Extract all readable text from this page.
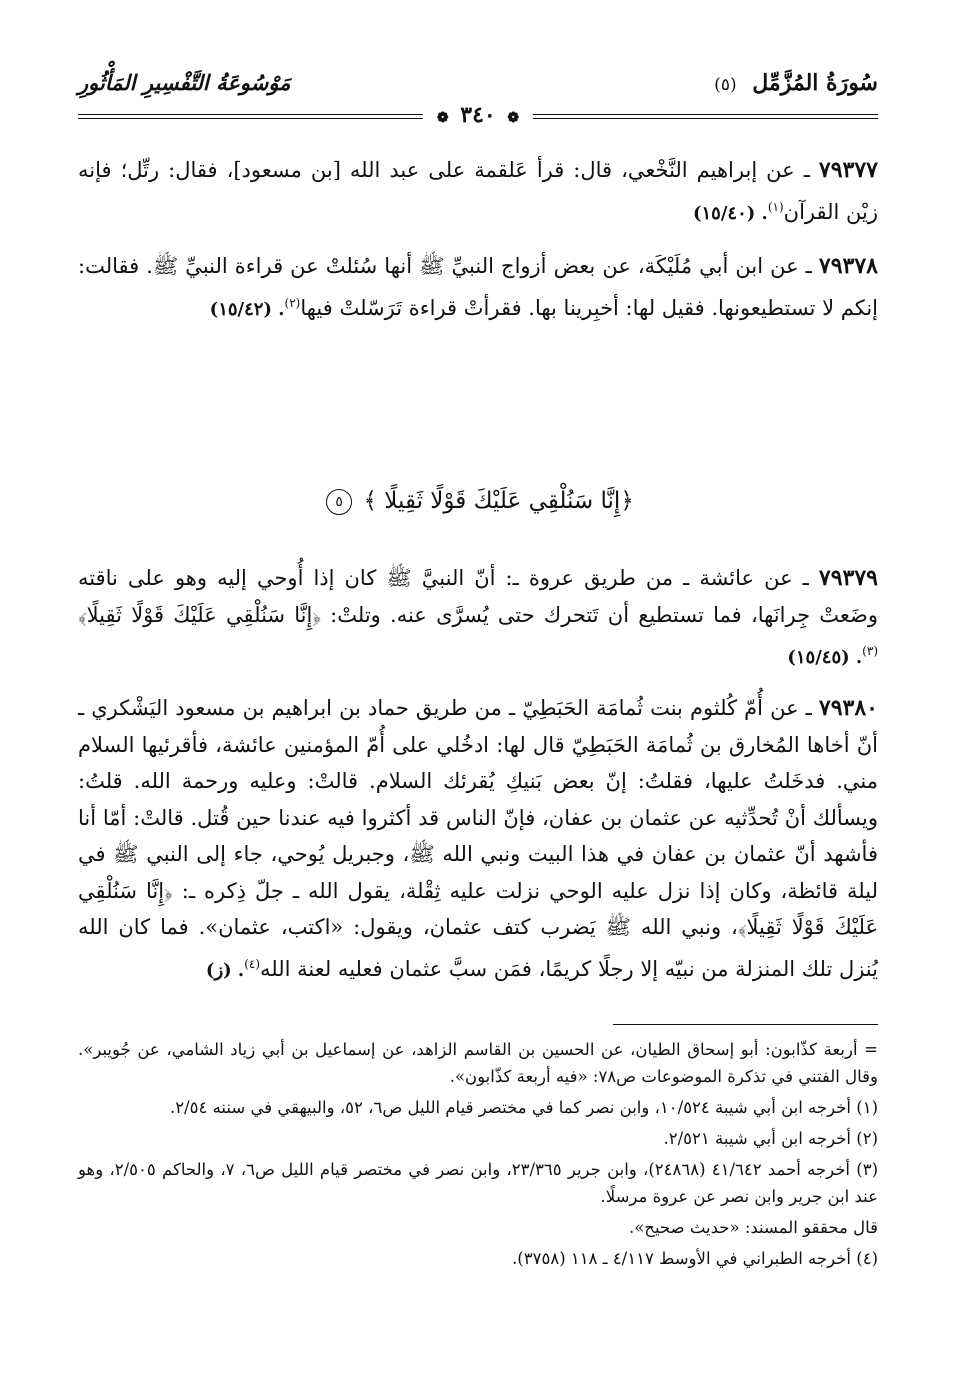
سُورَةُ المُزَّمِّل (٥)
مَوْسُوعَةُ التَّفْسِيرِ المَأْثُورِ
❁ ٣٤٠ ❁

٧٩٣٧٧ ـ عن إبراهيم النَّخْعي، قال: قرأ عَلقمة على عبد الله [بن مسعود]، فقال: رتِّل؛ فإنه زيْن القرآن$^{(١)}$. (١٥/٤٠)

٧٩٣٧٨ ـ عن ابن أبي مُلَيْكَة، عن بعض أزواج النبيِّ ﷺ أنها سُئلتْ عن قراءة النبيِّ ﷺ. فقالت: إنكم لا تستطيعونها. فقيل لها: أخبِرينا بها. فقرأتْ قراءة تَرَسّلتْ فيها$^{(٢)}$. (١٥/٤٢)

﴿إِنَّا سَنُلْقِي عَلَيْكَ قَوْلًا ثَقِيلًا ﴾ ٥

٧٩٣٧٩ ـ عن عائشة ـ من طريق عروة ـ: أنّ النبيَّ ﷺ كان إذا أُوحي إليه وهو على ناقته وضَعتْ جِرانَها، فما تستطيع أن تَتحرك حتى يُسرَّى عنه. وتلتْ: ﴿إِنَّا سَنُلْقِي عَلَيْكَ قَوْلًا ثَقِيلًا﴾$^{(٣)}$. (١٥/٤٥)

٧٩٣٨٠ ـ عن أُمّ كُلثوم بنت ثُمامَة الحَبَطِيّ ـ من طريق حماد بن ابراهيم بن مسعود اليَشْكري ـ أنّ أخاها المُخارق بن ثُمامَة الحَبَطِيّ قال لها: ادخُلي على أُمّ المؤمنين عائشة، فأقرئيها السلام مني. فدخَلتُ عليها، فقلتُ: إنّ بعض بَنيكِ يُقرئك السلام. قالتْ: وعليه ورحمة الله. قلتُ: ويسألك أنْ تُحدِّثيه عن عثمان بن عفان، فإنّ الناس قد أكثروا فيه عندنا حين قُتل. قالتْ: أمّا أنا فأشهد أنّ عثمان بن عفان في هذا البيت ونبي الله ﷺ، وجبريل يُوحي، جاء إلى النبي ﷺ في ليلة قائظة، وكان إذا نزل عليه الوحي نزلت عليه ثِقْلة، يقول الله ـ جلّ ذِكره ـ: ﴿إِنَّا سَنُلْقِي عَلَيْكَ قَوْلًا ثَقِيلًا﴾، ونبي الله ﷺ يَضرب كتف عثمان، ويقول: «اكتب، عثمان». فما كان الله يُنزل تلك المنزلة من نبيّه إلا رجلًا كريمًا، فمَن سبَّ عثمان فعليه لعنة الله$^{(٤)}$. (ز)

= أربعة كذّابون: أبو إسحاق الطيان، عن الحسين بن القاسم الزاهد، عن إسماعيل بن أبي زياد الشامي، عن جُويبر». وقال الفتني في تذكرة الموضوعات ص٧٨: «فيه أربعة كذّابون».

(١) أخرجه ابن أبي شيبة ١٠/٥٢٤، وابن نصر كما في مختصر قيام الليل ص٦، ٥٢، والبيهقي في سننه ٢/٥٤.

(٢) أخرجه ابن أبي شيبة ٢/٥٢١.

(٣) أخرجه أحمد ٤١/٦٤٢ (٢٤٨٦٨)، وابن جرير ٢٣/٣٦٥، وابن نصر في مختصر قيام الليل ص٦، ٧، والحاكم ٢/٥٠٥، وهو عند ابن جرير وابن نصر عن عروة مرسلًا.

قال محققو المسند: «حديث صحيح».

(٤) أخرجه الطبراني في الأوسط ٤/١١٧ ـ ١١٨ (٣٧٥٨).
